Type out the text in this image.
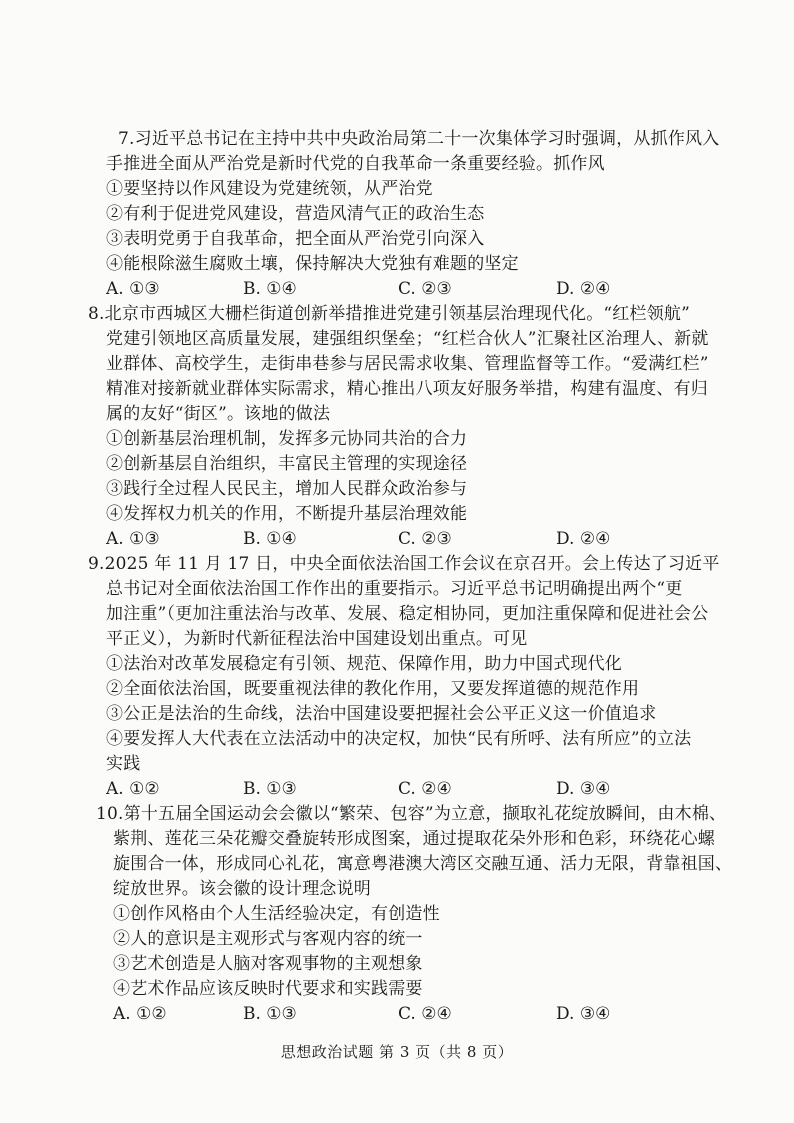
7.习近平总书记在主持中共中央政治局第二十一次集体学习时强调，从抓作风入
手推进全面从严治党是新时代党的自我革命一条重要经验。抓作风
①要坚持以作风建设为党建统领，从严治党
②有利于促进党风建设，营造风清气正的政治生态
③表明党勇于自我革命，把全面从严治党引向深入
④能根除滋生腐败土壤，保持解决大党独有难题的坚定
A. ①③	B. ①④	C. ②③	D. ②④
8.北京市西城区大栅栏街道创新举措推进党建引领基层治理现代化。“红栏领航”
党建引领地区高质量发展，建强组织堡垒；“红栏合伙人”汇聚社区治理人、新就
业群体、高校学生，走街串巷参与居民需求收集、管理监督等工作。“爱满红栏”
精准对接新就业群体实际需求，精心推出八项友好服务举措，构建有温度、有归
属的友好“街区”。该地的做法
①创新基层治理机制，发挥多元协同共治的合力
②创新基层自治组织，丰富民主管理的实现途径
③践行全过程人民民主，增加人民群众政治参与
④发挥权力机关的作用，不断提升基层治理效能
A. ①③	B. ①④	C. ②③	D. ②④
9.2025 年 11 月 17 日，中央全面依法治国工作会议在京召开。会上传达了习近平
总书记对全面依法治国工作作出的重要指示。习近平总书记明确提出两个“更
加注重”（更加注重法治与改革、发展、稳定相协同，更加注重保障和促进社会公
平正义），为新时代新征程法治中国建设划出重点。可见
①法治对改革发展稳定有引领、规范、保障作用，助力中国式现代化
②全面依法治国，既要重视法律的教化作用，又要发挥道德的规范作用
③公正是法治的生命线，法治中国建设要把握社会公平正义这一价值追求
④要发挥人大代表在立法活动中的决定权，加快“民有所呼、法有所应”的立法
实践
A. ①②	B. ①③	C. ②④	D. ③④
10.第十五届全国运动会会徽以“繁荣、包容”为立意，撷取礼花绽放瞬间，由木棉、
紫荆、莲花三朵花瓣交叠旋转形成图案，通过提取花朵外形和色彩，环绕花心螺
旋围合一体，形成同心礼花，寓意粤港澳大湾区交融互通、活力无限，背靠祖国、
绽放世界。该会徽的设计理念说明
①创作风格由个人生活经验决定，有创造性
②人的意识是主观形式与客观内容的统一
③艺术创造是人脑对客观事物的主观想象
④艺术作品应该反映时代要求和实践需要
A. ①②	B. ①③	C. ②④	D. ③④
思想政治试题 第 3 页（共 8 页）
